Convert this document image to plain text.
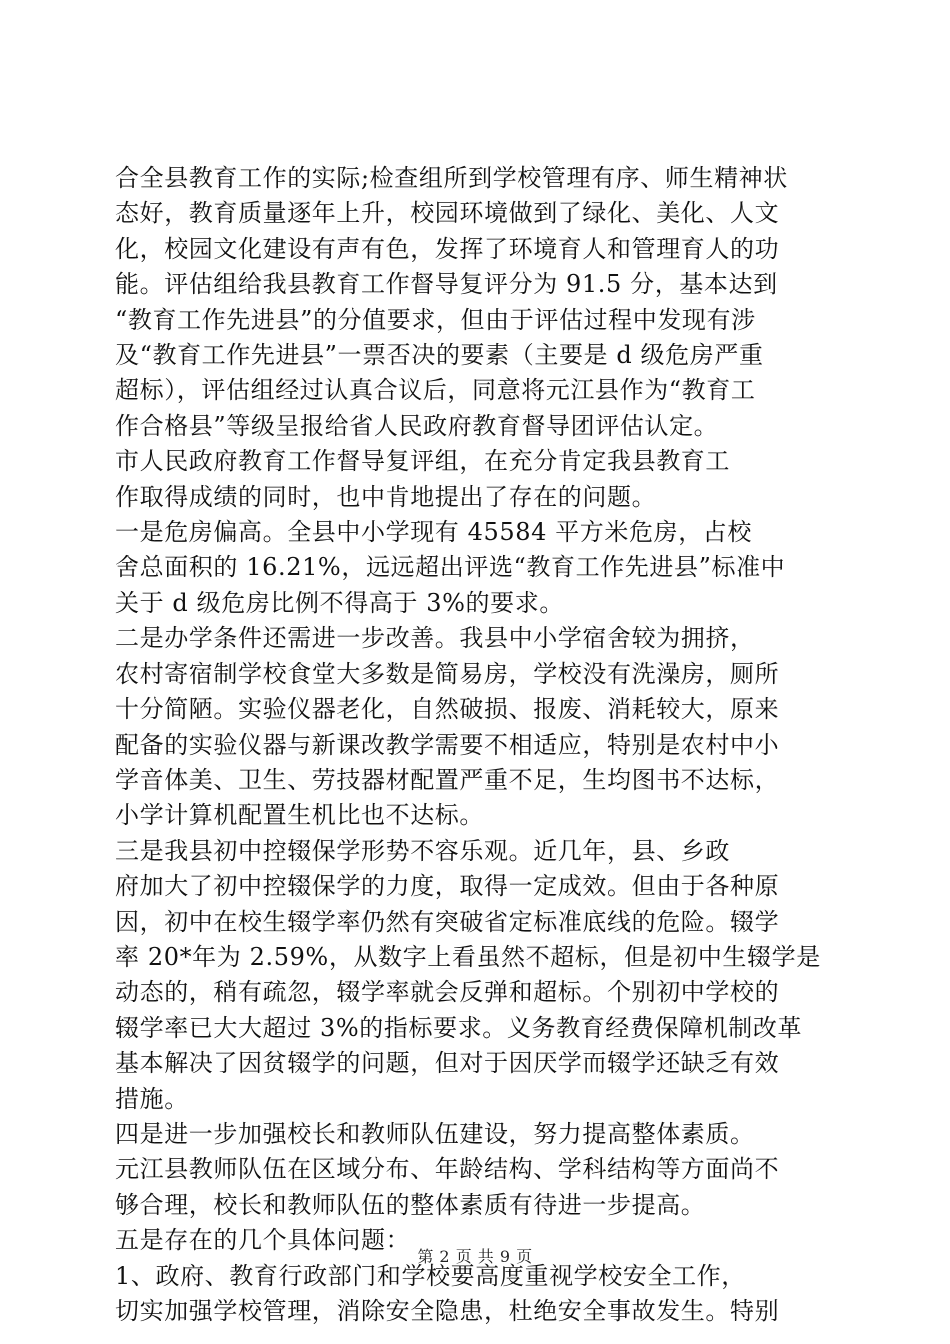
合全县教育工作的实际;检查组所到学校管理有序、师生精神状
态好，教育质量逐年上升，校园环境做到了绿化、美化、人文
化，校园文化建设有声有色，发挥了环境育人和管理育人的功
能。评估组给我县教育工作督导复评分为 91.5 分，基本达到
“教育工作先进县”的分值要求，但由于评估过程中发现有涉
及“教育工作先进县”一票否决的要素（主要是 d 级危房严重
超标），评估组经过认真合议后，同意将元江县作为“教育工
作合格县”等级呈报给省人民政府教育督导团评估认定。

市人民政府教育工作督导复评组，在充分肯定我县教育工
作取得成绩的同时，也中肯地提出了存在的问题。

一是危房偏高。全县中小学现有 45584 平方米危房，占校
舍总面积的 16.21%，远远超出评选“教育工作先进县”标准中
关于 d 级危房比例不得高于 3%的要求。

二是办学条件还需进一步改善。我县中小学宿舍较为拥挤，
农村寄宿制学校食堂大多数是简易房，学校没有洗澡房，厕所
十分简陋。实验仪器老化，自然破损、报废、消耗较大，原来
配备的实验仪器与新课改教学需要不相适应，特别是农村中小
学音体美、卫生、劳技器材配置严重不足，生均图书不达标，
小学计算机配置生机比也不达标。

三是我县初中控辍保学形势不容乐观。近几年，县、乡政
府加大了初中控辍保学的力度，取得一定成效。但由于各种原
因，初中在校生辍学率仍然有突破省定标准底线的危险。辍学
率 20*年为 2.59%，从数字上看虽然不超标，但是初中生辍学是
动态的，稍有疏忽，辍学率就会反弹和超标。个别初中学校的
辍学率已大大超过 3%的指标要求。义务教育经费保障机制改革
基本解决了因贫辍学的问题，但对于因厌学而辍学还缺乏有效
措施。

四是进一步加强校长和教师队伍建设，努力提高整体素质。
元江县教师队伍在区域分布、年龄结构、学科结构等方面尚不
够合理，校长和教师队伍的整体素质有待进一步提高。

五是存在的几个具体问题：

1、政府、教育行政部门和学校要高度重视学校安全工作，
切实加强学校管理，消除安全隐患，杜绝安全事故发生。特别

第 2 页 共 9 页
